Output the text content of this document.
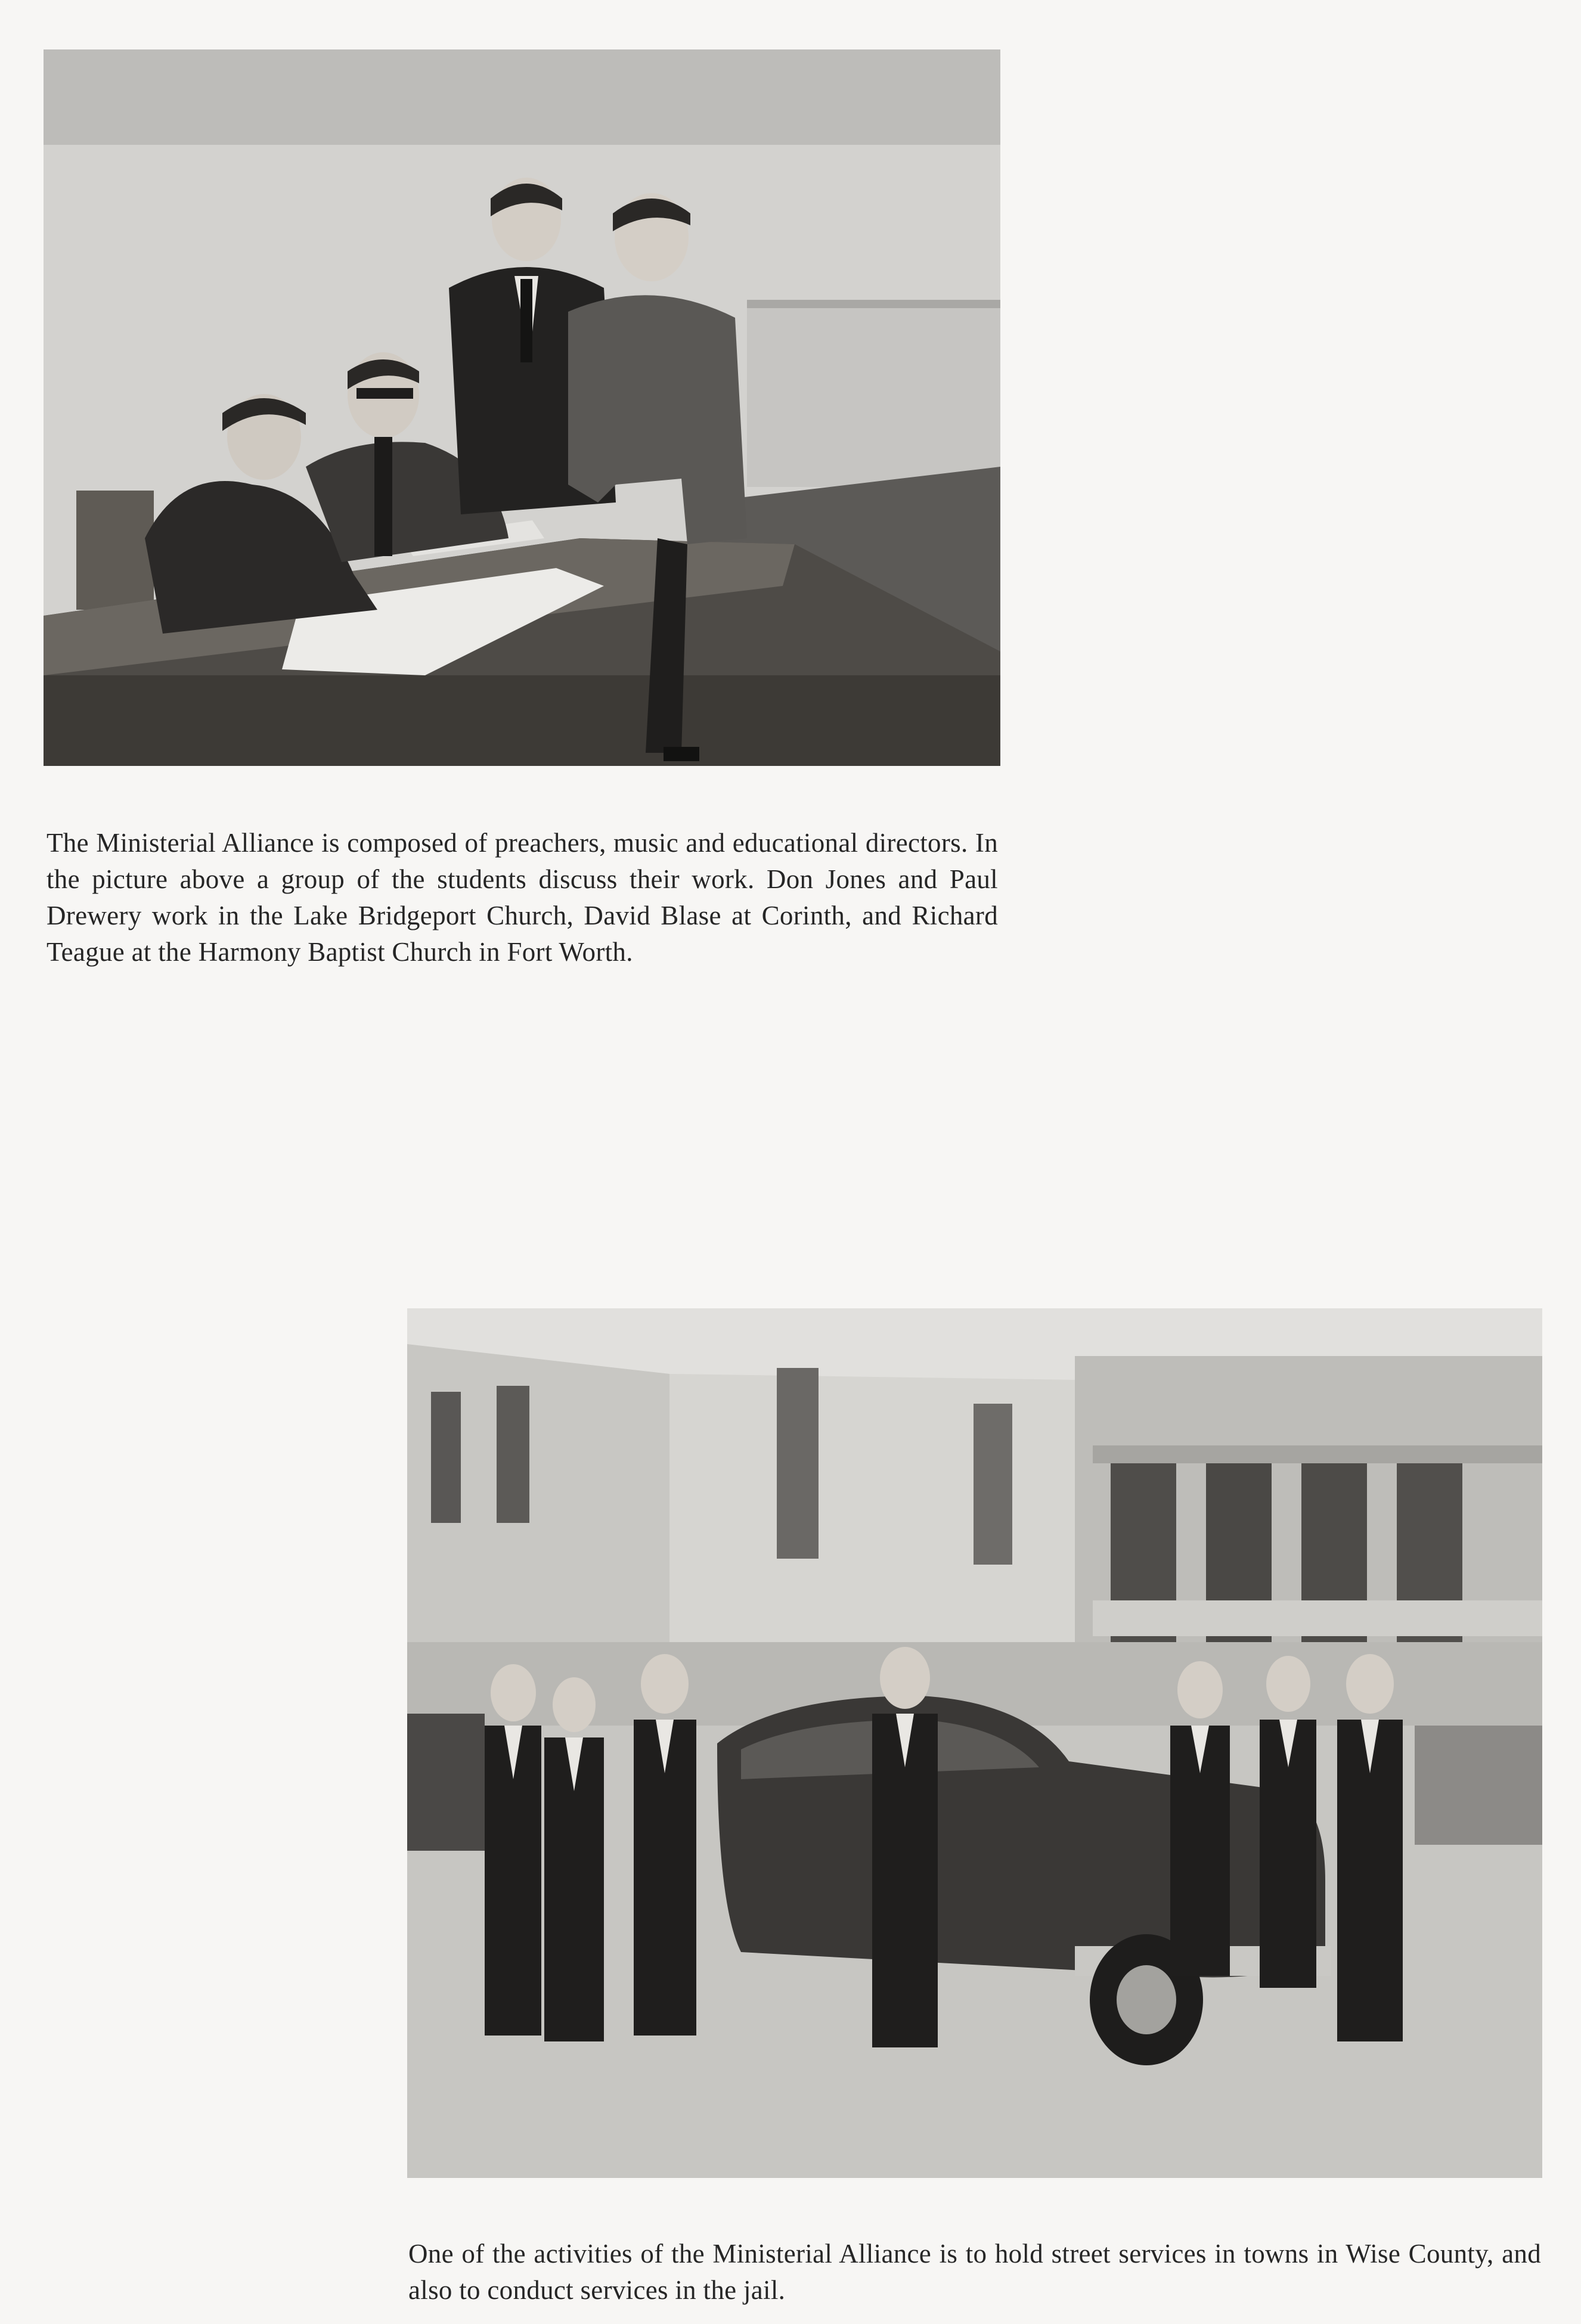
The Ministerial Alliance is composed of preachers, music and educational directors. In the picture above a group of the students discuss their work. Don Jones and Paul Drewery work in the Lake Bridgeport Church, David Blase at Corinth, and Richard Teague at the Harmony Baptist Church in Fort Worth.

One of the activities of the Ministerial Alliance is to hold street services in towns in Wise County, and also to conduct services in the jail.
